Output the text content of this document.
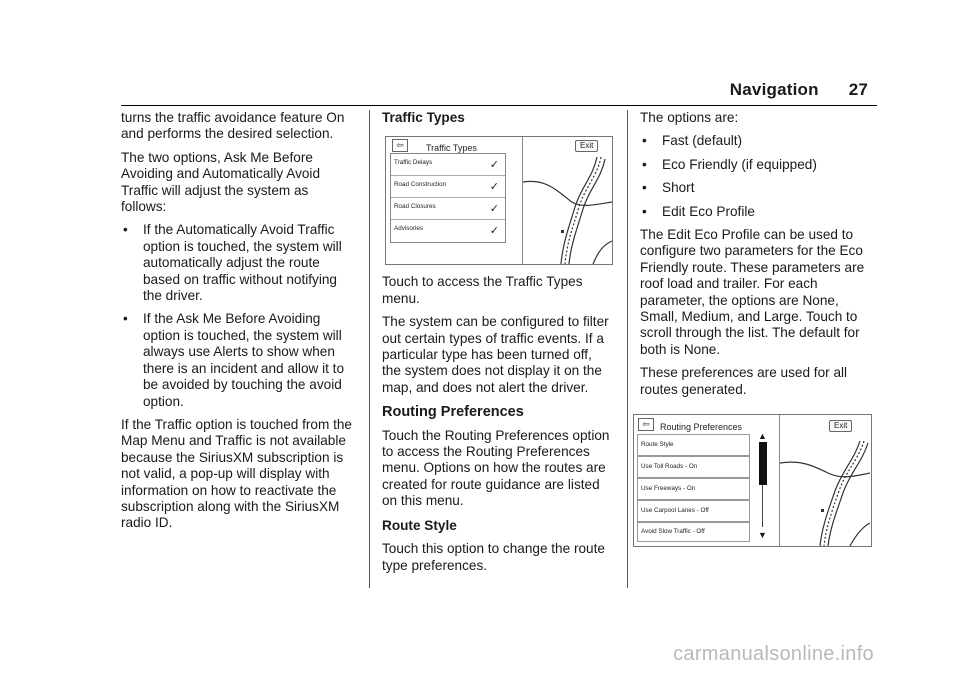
Navigation 27

turns the traffic avoidance feature On and performs the desired selection.

The two options, Ask Me Before Avoiding and Automatically Avoid Traffic will adjust the system as follows:

• If the Automatically Avoid Traffic option is touched, the system will automatically adjust the route based on traffic without notifying the driver.
• If the Ask Me Before Avoiding option is touched, the system will always use Alerts to show when there is an incident and allow it to be avoided by touching the avoid option.

If the Traffic option is touched from the Map Menu and Traffic is not available because the SiriusXM subscription is not valid, a pop-up will display with information on how to reactivate the subscription along with the SiriusXM radio ID.

Traffic Types
⇦	Traffic Types	Exit
Traffic Delays	✓
Road Construction	✓
Road Closures	✓
Advisories	✓

Touch to access the Traffic Types menu.

The system can be configured to filter out certain types of traffic events. If a particular type has been turned off, the system does not display it on the map, and does not alert the driver.

Routing Preferences

Touch the Routing Preferences option to access the Routing Preferences menu. Options on how the routes are created for route guidance are listed on this menu.

Route Style

Touch this option to change the route type preferences.

The options are:

• Fast (default)
• Eco Friendly (if equipped)
• Short
• Edit Eco Profile

The Edit Eco Profile can be used to configure two parameters for the Eco Friendly route. These parameters are roof load and trailer. For each parameter, the options are None, Small, Medium, and Large. Touch to scroll through the list. The default for both is None.

These preferences are used for all routes generated.

⇦	Routing Preferences	Exit
Route Style
Use Toll Roads - On
Use Freeways - On
Use Carpool Lanes - Off
Avoid Slow Traffic - Off
▲
▼
carmanualsonline.info
